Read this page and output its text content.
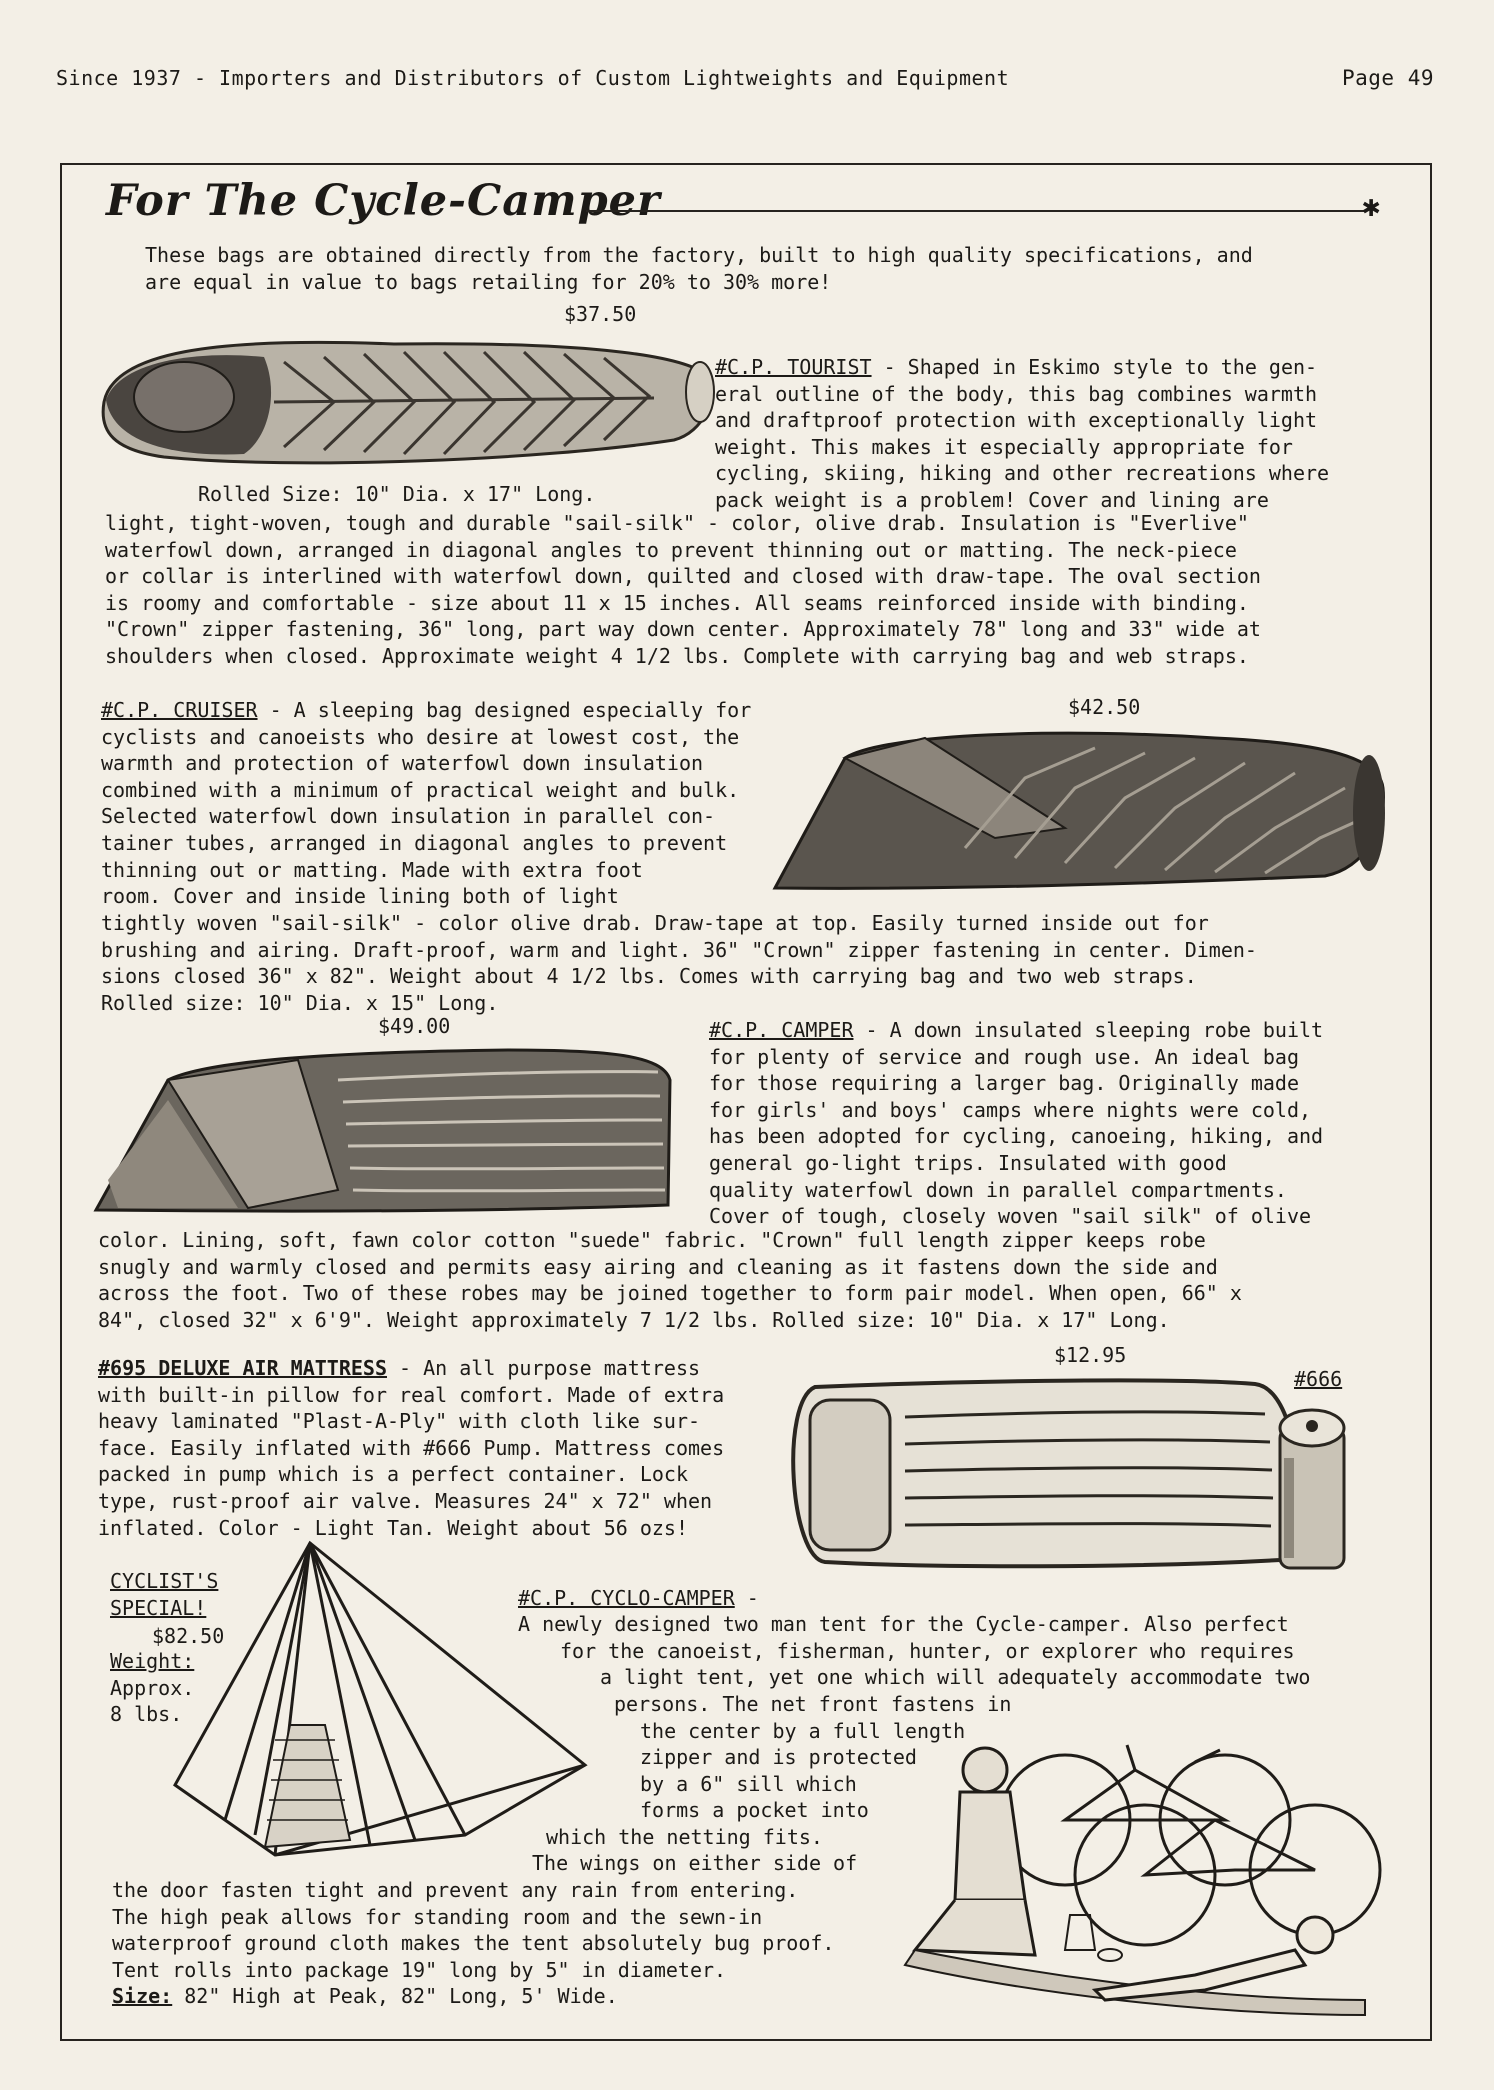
Since 1937 - Importers and Distributors of Custom Lightweights and Equipment	Page 49
For The Cycle-Camper	✱
These bags are obtained directly from the factory, built to high quality specifications, and
are equal in value to bags retailing for 20% to 30% more!
$37.50
Rolled Size: 10" Dia. x 17" Long.
#C.P. TOURIST - Shaped in Eskimo style to the gen-
eral outline of the body, this bag combines warmth
and draftproof protection with exceptionally light
weight. This makes it especially appropriate for
cycling, skiing, hiking and other recreations where
pack weight is a problem! Cover and lining are
light, tight-woven, tough and durable "sail-silk" - color, olive drab. Insulation is "Everlive"
waterfowl down, arranged in diagonal angles to prevent thinning out or matting. The neck-piece
or collar is interlined with waterfowl down, quilted and closed with draw-tape. The oval section
is roomy and comfortable - size about 11 x 15 inches. All seams reinforced inside with binding.
"Crown" zipper fastening, 36" long, part way down center. Approximately 78" long and 33" wide at
shoulders when closed. Approximate weight 4 1/2 lbs. Complete with carrying bag and web straps.
$42.50
#C.P. CRUISER - A sleeping bag designed especially for
cyclists and canoeists who desire at lowest cost, the
warmth and protection of waterfowl down insulation
combined with a minimum of practical weight and bulk.
Selected waterfowl down insulation in parallel con-
tainer tubes, arranged in diagonal angles to prevent
thinning out or matting. Made with extra foot
room. Cover and inside lining both of light
tightly woven "sail-silk" - color olive drab. Draw-tape at top. Easily turned inside out for
brushing and airing. Draft-proof, warm and light. 36" "Crown" zipper fastening in center. Dimen-
sions closed 36" x 82". Weight about 4 1/2 lbs. Comes with carrying bag and two web straps.
Rolled size: 10" Dia. x 15" Long.
$49.00	#C.P. CAMPER - A down insulated sleeping robe built
for plenty of service and rough use. An ideal bag
for those requiring a larger bag. Originally made
for girls' and boys' camps where nights were cold,
has been adopted for cycling, canoeing, hiking, and
general go-light trips. Insulated with good
quality waterfowl down in parallel compartments.
Cover of tough, closely woven "sail silk" of olive
color. Lining, soft, fawn color cotton "suede" fabric. "Crown" full length zipper keeps robe
snugly and warmly closed and permits easy airing and cleaning as it fastens down the side and
across the foot. Two of these robes may be joined together to form pair model. When open, 66" x
84", closed 32" x 6'9". Weight approximately 7 1/2 lbs. Rolled size: 10" Dia. x 17" Long.
$12.95
#666
#695 DELUXE AIR MATTRESS - An all purpose mattress
with built-in pillow for real comfort. Made of extra
heavy laminated "Plast-A-Ply" with cloth like sur-
face. Easily inflated with #666 Pump. Mattress comes
packed in pump which is a perfect container. Lock
type, rust-proof air valve. Measures 24" x 72" when
inflated. Color - Light Tan. Weight about 56 ozs!
CYCLIST'S
SPECIAL!
$82.50
Weight:
Approx.
8 lbs.
#C.P. CYCLO-CAMPER -
A newly designed two man tent for the Cycle-camper. Also perfect
for the canoeist, fisherman, hunter, or explorer who requires
a light tent, yet one which will adequately accommodate two
persons. The net front fastens in
the center by a full length
zipper and is protected
by a 6" sill which
forms a pocket into
which the netting fits.
The wings on either side of
the door fasten tight and prevent any rain from entering.
The high peak allows for standing room and the sewn-in
waterproof ground cloth makes the tent absolutely bug proof.
Tent rolls into package 19" long by 5" in diameter.
Size: 82" High at Peak, 82" Long, 5' Wide.
